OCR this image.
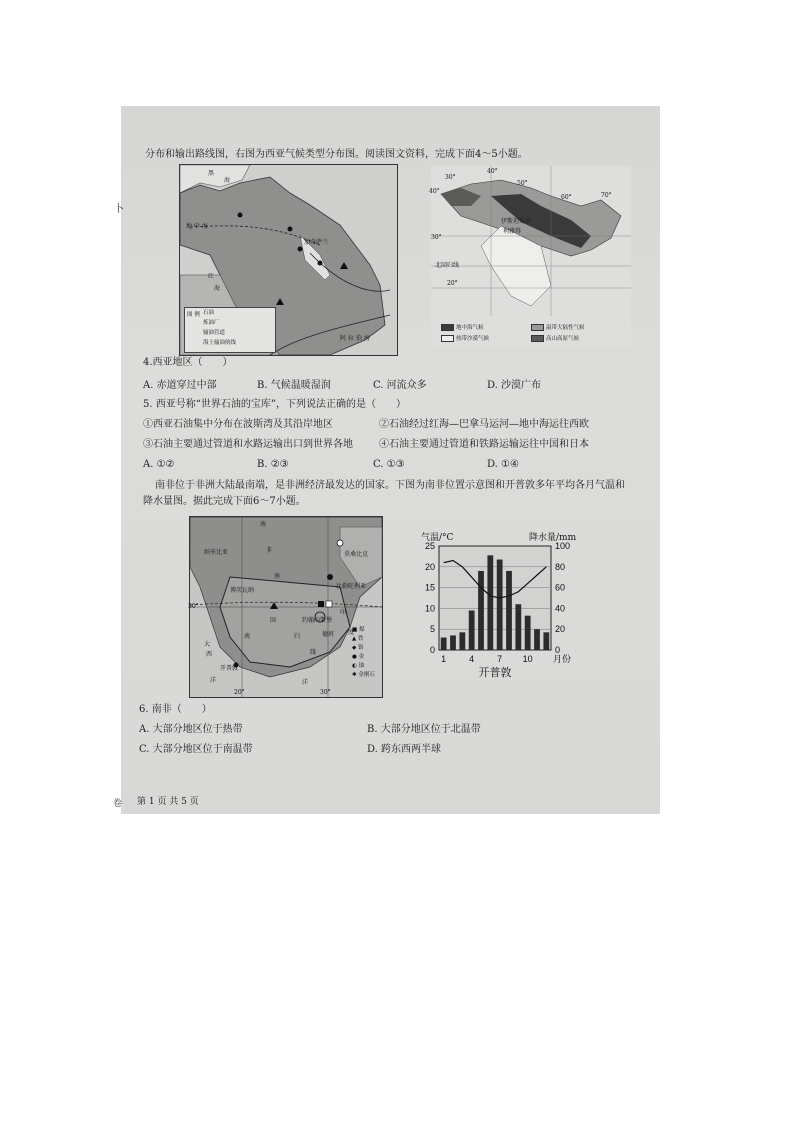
分布和输出路线图，右图为西亚气候类型分布图。阅读图文资料，完成下面4～5小题。
黑
海
地 中 海
红
海
阿 拉 伯 海
加奇萨兰
图 例 石油
炼油厂
输油管道
海上输油航线
30°
40°
40°
50°
60°	70°
30°
20°
北回归线
伊斯坦布尔
利雅得
地中海气候	温带大陆性气候
热带沙漠气候	高山高原气候
4.西亚地区（　　）
A. 赤道穿过中部	B. 气候温暖湿润	C. 河流众多	D. 沙漠广布
5. 西亚号称“世界石油的宝库”，下列说法正确的是（　　）
①西亚石油集中分布在波斯湾及其沿岸地区	②石油经过红海—巴拿马运河—地中海运往西欧
③石油主要通过管道和水路运输出口到世界各地	④石油主要通过管道和铁路运输运往中国和日本
A. ①②	B. ②③	C. ①③	D. ①④
南非位于非洲大陆最南端，是非洲经济最发达的国家。下图为南非位置示意图和开普敦多年平均各月气温和
降水量图。据此完成下面6～7小题。
南
非
纳米比亚
博茨瓦纳
南
莫桑比克
约翰内斯堡
比勒陀利亚
德班
开普敦
大
西
洋
印
度
洋
南
回
归
线
30°
20°	30°
■ 煤
▲ 铁
◆ 铬
● 金
◐ 铀
✱ 金刚石
0
5
10
15
20
25
0
20
40
60
80
100
1	4	7 10 月份
气温/°C	降水量/mm
开普敦
6. 南非（　　）
A. 大部分地区位于热带	B. 大部分地区位于北温带
C. 大部分地区位于南温带	D. 跨东西两半球
第 1 页 共 5 页
卜
卷
